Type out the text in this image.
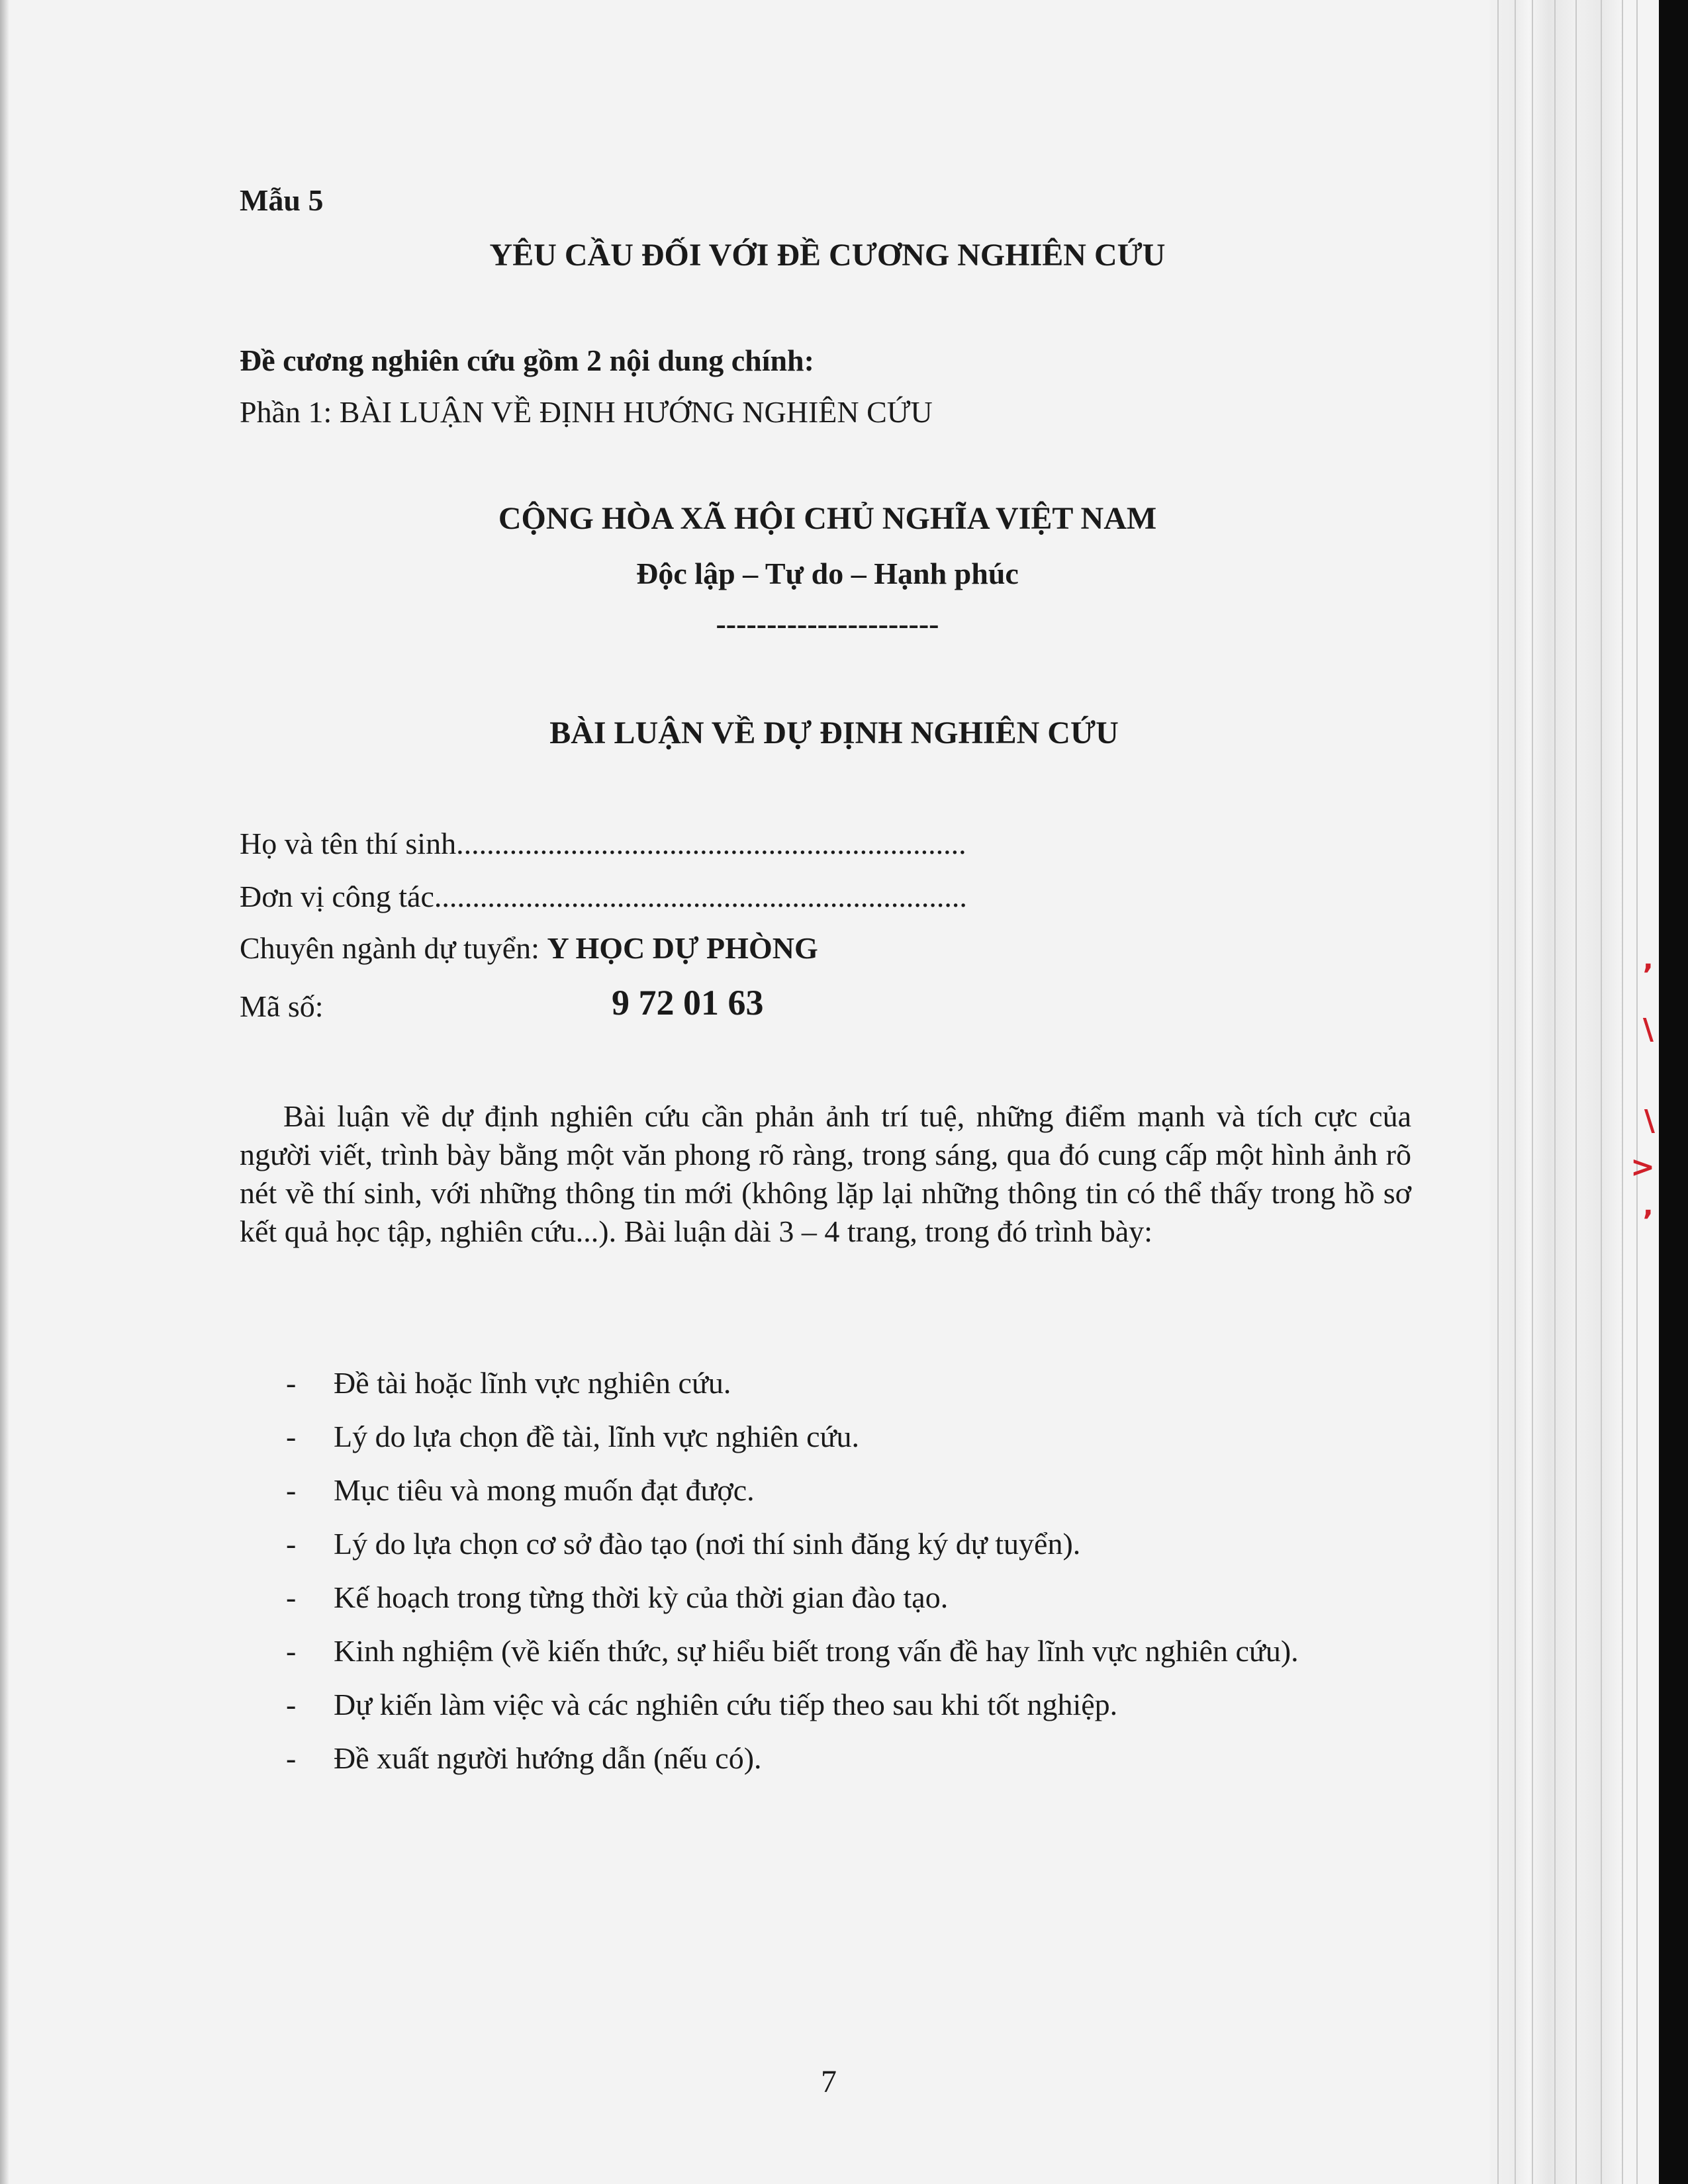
ʼ
\
\
>
ʼ
Mẫu 5
YÊU CẦU ĐỐI VỚI ĐỀ CƯƠNG NGHIÊN CỨU
Đề cương nghiên cứu gồm 2 nội dung chính:
Phần 1: BÀI LUẬN VỀ ĐỊNH HƯỚNG NGHIÊN CỨU
CỘNG HÒA XÃ HỘI CHỦ NGHĨA VIỆT NAM
Độc lập – Tự do – Hạnh phúc
----------------------
BÀI LUẬN VỀ DỰ ĐỊNH NGHIÊN CỨU
Họ và tên thí sinh...................................................................
Đơn vị công tác......................................................................
Chuyên ngành dự tuyển: Y HỌC DỰ PHÒNG
Mã số:	9 72 01 63
Bài luận về dự định nghiên cứu cần phản ảnh trí tuệ, những điểm mạnh và tích cực của người viết, trình bày bằng một văn phong rõ ràng, trong sáng, qua đó cung cấp một hình ảnh rõ nét về thí sinh, với những thông tin mới (không lặp lại những thông tin có thể thấy trong hồ sơ kết quả học tập, nghiên cứu...). Bài luận dài 3 – 4 trang, trong đó trình bày:
- Đề tài hoặc lĩnh vực nghiên cứu.
- Lý do lựa chọn đề tài, lĩnh vực nghiên cứu.
- Mục tiêu và mong muốn đạt được.
- Lý do lựa chọn cơ sở đào tạo (nơi thí sinh đăng ký dự tuyển).
- Kế hoạch trong từng thời kỳ của thời gian đào tạo.
- Kinh nghiệm (về kiến thức, sự hiểu biết trong vấn đề hay lĩnh vực nghiên cứu).
- Dự kiến làm việc và các nghiên cứu tiếp theo sau khi tốt nghiệp.
- Đề xuất người hướng dẫn (nếu có).
7
